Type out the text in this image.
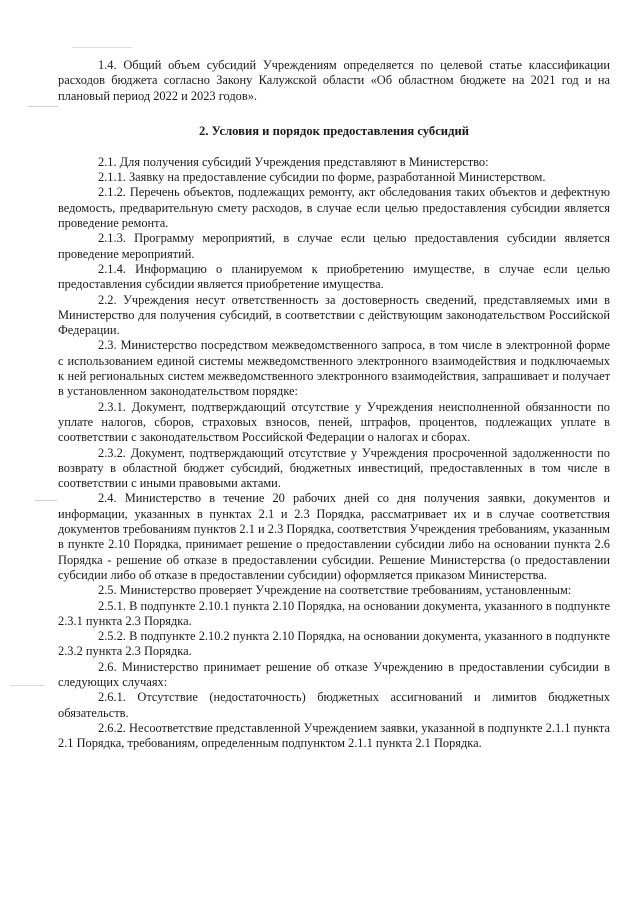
1.4. Общий объем субсидий Учреждениям определяется по целевой статье классификации расходов бюджета согласно Закону Калужской области «Об областном бюджете на 2021 год и на плановый период 2022 и 2023 годов».

2. Условия и порядок предоставления субсидий

2.1. Для получения субсидий Учреждения представляют в Министерство:

2.1.1. Заявку на предоставление субсидии по форме, разработанной Министерством.

2.1.2. Перечень объектов, подлежащих ремонту, акт обследования таких объектов и дефектную ведомость, предварительную смету расходов, в случае если целью предоставления субсидии является проведение ремонта.

2.1.3. Программу мероприятий, в случае если целью предоставления субсидии является проведение мероприятий.

2.1.4. Информацию о планируемом к приобретению имуществе, в случае если целью предоставления субсидии является приобретение имущества.

2.2. Учреждения несут ответственность за достоверность сведений, представляемых ими в Министерство для получения субсидий, в соответствии с действующим законодательством Российской Федерации.

2.3. Министерство посредством межведомственного запроса, в том числе в электронной форме с использованием единой системы межведомственного электронного взаимодействия и подключаемых к ней региональных систем межведомственного электронного взаимодействия, запрашивает и получает в установленном законодательством порядке:

2.3.1. Документ, подтверждающий отсутствие у Учреждения неисполненной обязанности по уплате налогов, сборов, страховых взносов, пеней, штрафов, процентов, подлежащих уплате в соответствии с законодательством Российской Федерации о налогах и сборах.

2.3.2. Документ, подтверждающий отсутствие у Учреждения просроченной задолженности по возврату в областной бюджет субсидий, бюджетных инвестиций, предоставленных в том числе в соответствии с иными правовыми актами.

2.4. Министерство в течение 20 рабочих дней со дня получения заявки, документов и информации, указанных в пунктах 2.1 и 2.3 Порядка, рассматривает их и в случае соответствия документов требованиям пунктов 2.1 и 2.3 Порядка, соответствия Учреждения требованиям, указанным в пункте 2.10 Порядка, принимает решение о предоставлении субсидии либо на основании пункта 2.6 Порядка - решение об отказе в предоставлении субсидии. Решение Министерства (о предоставлении субсидии либо об отказе в предоставлении субсидии) оформляется приказом Министерства.

2.5. Министерство проверяет Учреждение на соответствие требованиям, установленным:

2.5.1. В подпункте 2.10.1 пункта 2.10 Порядка, на основании документа, указанного в подпункте 2.3.1 пункта 2.3 Порядка.

2.5.2. В подпункте 2.10.2 пункта 2.10 Порядка, на основании документа, указанного в подпункте 2.3.2 пункта 2.3 Порядка.

2.6. Министерство принимает решение об отказе Учреждению в предоставлении субсидии в следующих случаях:

2.6.1. Отсутствие (недостаточность) бюджетных ассигнований и лимитов бюджетных обязательств.

2.6.2. Несоответствие представленной Учреждением заявки, указанной в подпункте 2.1.1 пункта 2.1 Порядка, требованиям, определенным подпунктом 2.1.1 пункта 2.1 Порядка.
